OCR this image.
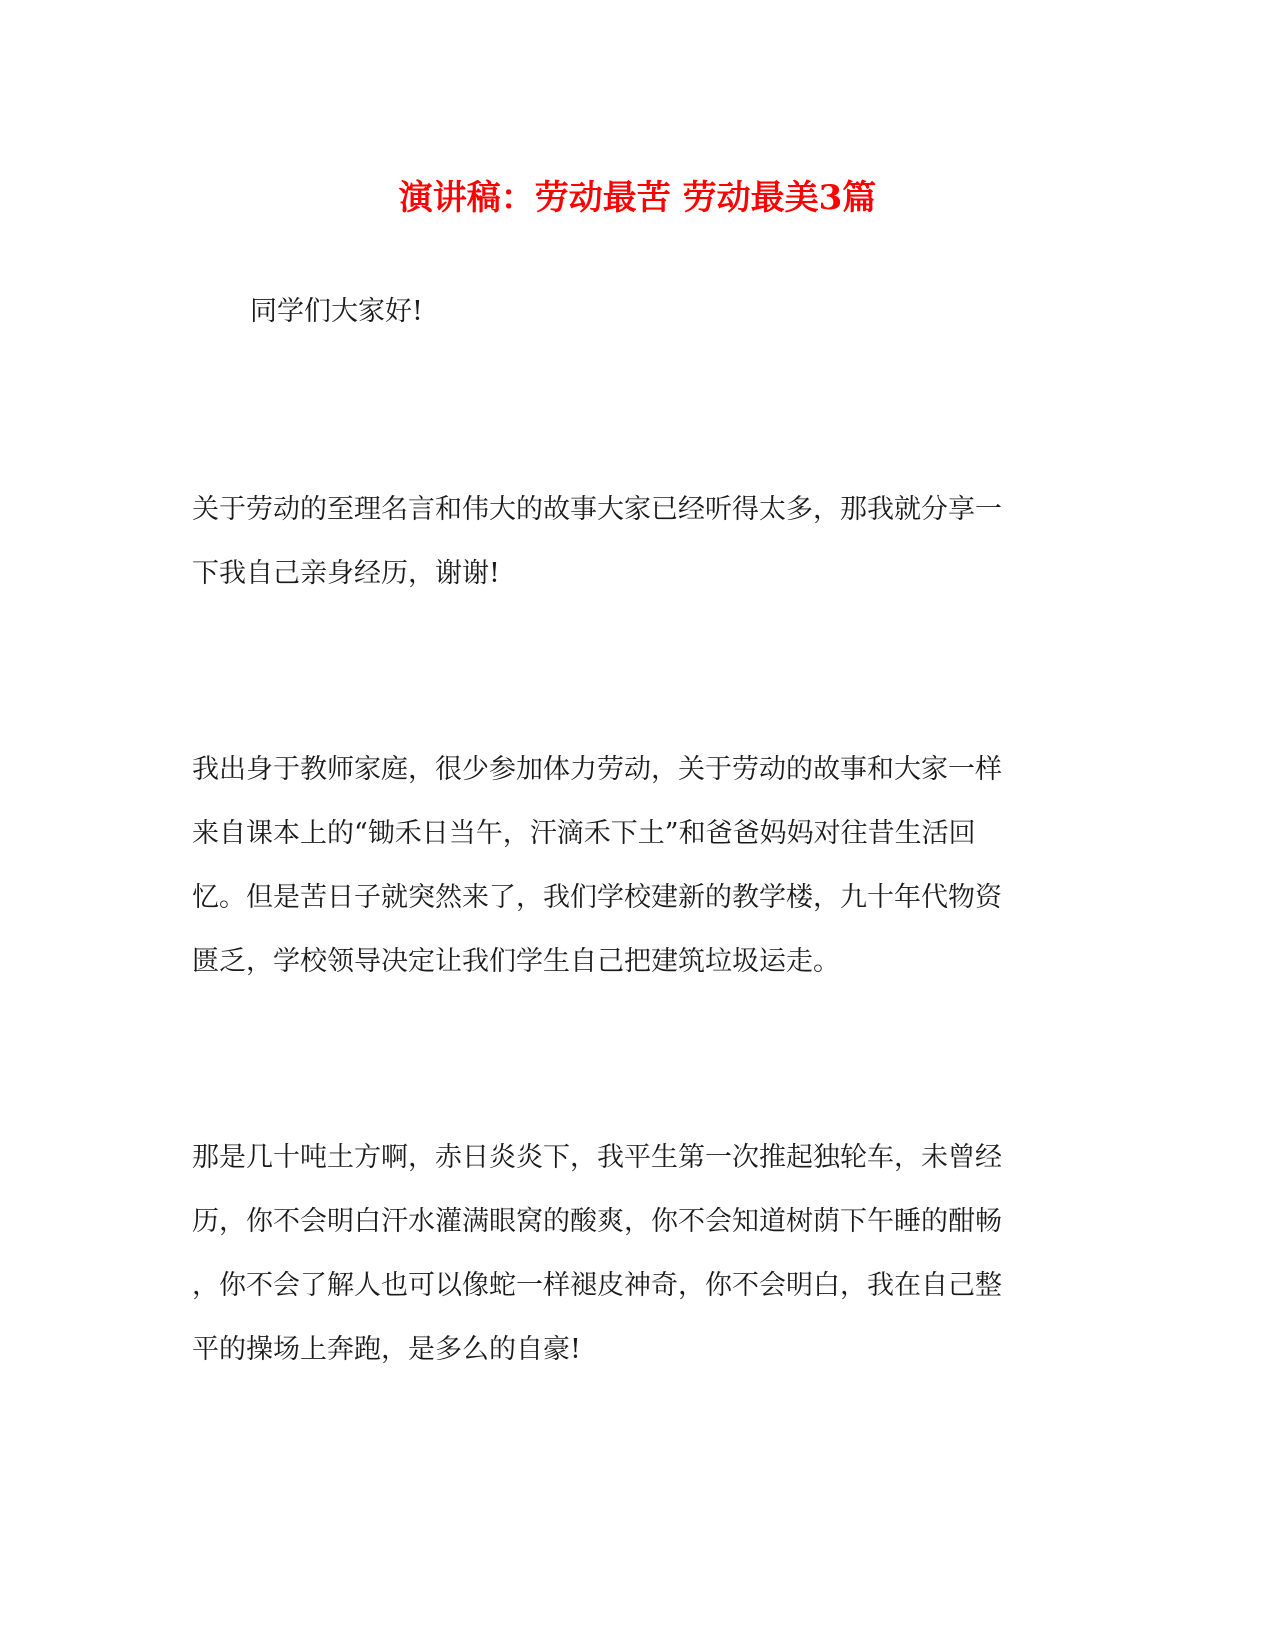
演讲稿：劳动最苦 劳动最美3篇
同学们大家好!
关于劳动的至理名言和伟大的故事大家已经听得太多，那我就分享一
下我自己亲身经历，谢谢!
我出身于教师家庭，很少参加体力劳动，关于劳动的故事和大家一样
来自课本上的“锄禾日当午，汗滴禾下土”和爸爸妈妈对往昔生活回
忆。但是苦日子就突然来了，我们学校建新的教学楼，九十年代物资
匮乏，学校领导决定让我们学生自己把建筑垃圾运走。
那是几十吨土方啊，赤日炎炎下，我平生第一次推起独轮车，未曾经
历，你不会明白汗水灌满眼窝的酸爽，你不会知道树荫下午睡的酣畅
，你不会了解人也可以像蛇一样褪皮神奇，你不会明白，我在自己整
平的操场上奔跑，是多么的自豪!
